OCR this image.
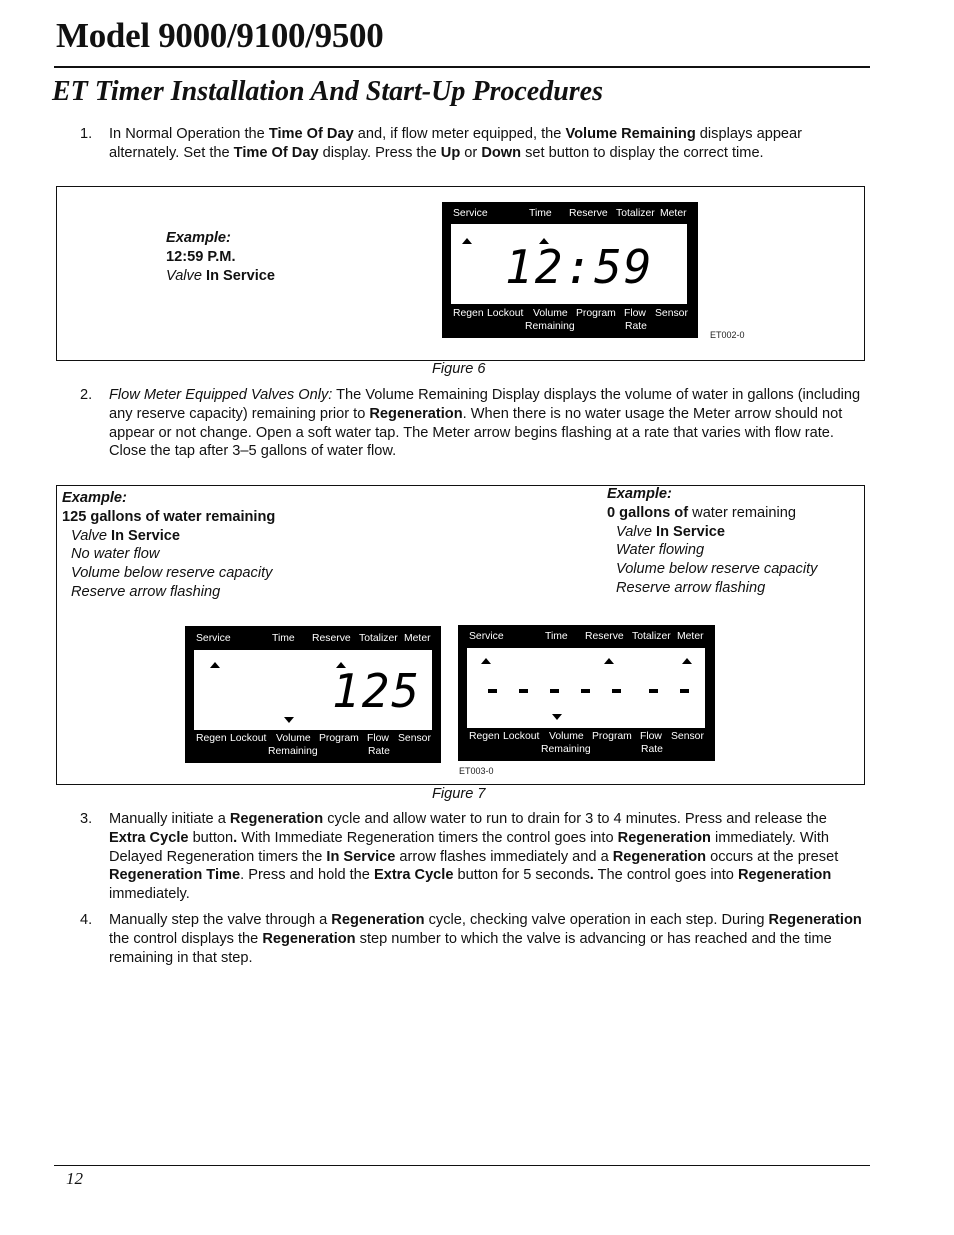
Model 9000/9100/9500
ET Timer Installation And Start-Up Procedures
1. In Normal Operation the Time Of Day and, if flow meter equipped, the Volume Remaining displays appear alternately. Set the Time Of Day display. Press the Up or Down set button to display the correct time.
Example:
12:59 P.M.
Valve In Service
Service	Time Reserve Totalizer Meter
12:59
Regen Lockout Volume
Remaining
Program Flow
Rate
Sensor
ET002-0
Figure 6
2. Flow Meter Equipped Valves Only: The Volume Remaining Display displays the volume of water in gallons (including any reserve capacity) remaining prior to Regeneration. When there is no water usage the Meter arrow should not appear or not change. Open a soft water tap. The Meter arrow begins flashing at a rate that varies with flow rate. Close the tap after 3–5 gallons of water flow.
Example:
125 gallons of water remaining
Valve In Service
No water flow
Volume below reserve capacity
Reserve arrow flashing
Example:
0 gallons of water remaining
Valve In Service
Water flowing
Volume below reserve capacity
Reserve arrow flashing
Service	Time Reserve Totalizer Meter
125
Regen Lockout Volume
Remaining
Program Flow
Rate
Sensor
Service	Time Reserve Totalizer Meter
Regen Lockout Volume
Remaining
Program Flow
Rate
Sensor
ET003-0
Figure 7
3. Manually initiate a Regeneration cycle and allow water to run to drain for 3 to 4 minutes. Press and release the Extra Cycle button. With Immediate Regeneration timers the control goes into Regeneration immediately. With Delayed Regeneration timers the In Service arrow flashes immediately and a Regeneration occurs at the preset Regeneration Time. Press and hold the Extra Cycle button for 5 seconds. The control goes into Regeneration immediately.
4. Manually step the valve through a Regeneration cycle, checking valve operation in each step. During Regeneration the control displays the Regeneration step number to which the valve is advancing or has reached and the time remaining in that step.
12
